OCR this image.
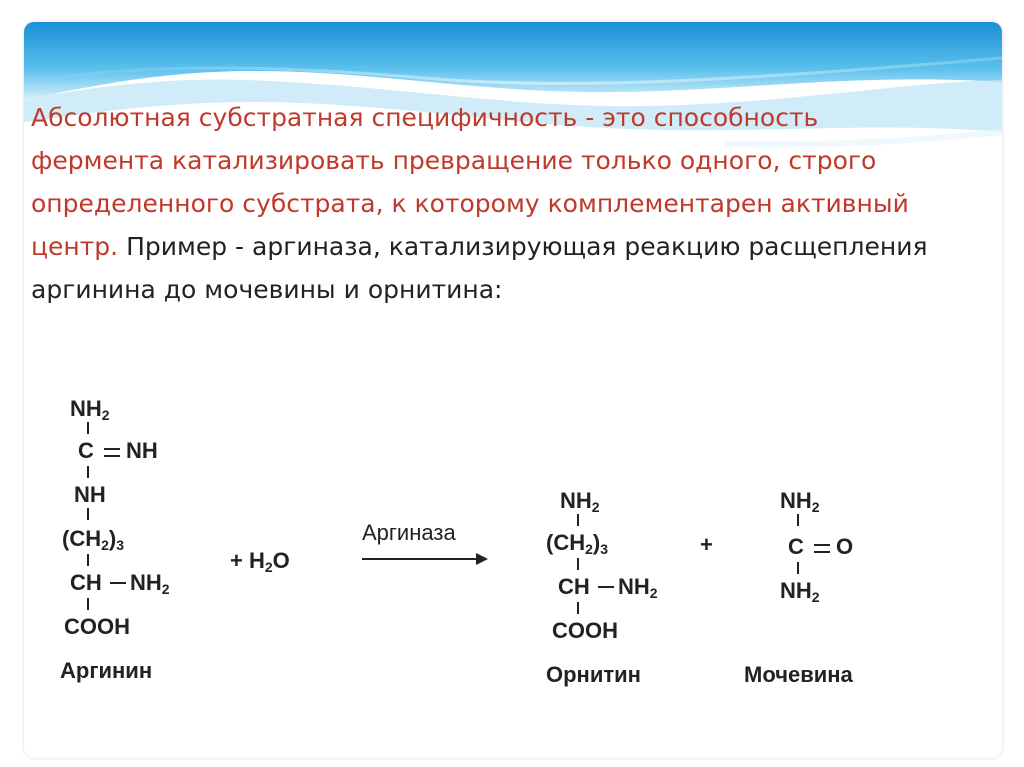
Абсолютная субстратная специфичность - это способность фермента катализировать превращение только одного, строго определенного субстрата, к которому комплементарен активный центр. Пример - аргиназа, катализирующая реакцию расщепления аргинина до мочевины и орнитина:

$NH_2$
C NH
NH
$(CH_2)_3$
CH $NH_2$
COOH
Аргинин
+ $H_2O$
Аргиназа
$NH_2$
$(CH_2)_3$
CH $NH_2$
COOH
Орнитин
+
$NH_2$
C O
$NH_2$
Мочевина
